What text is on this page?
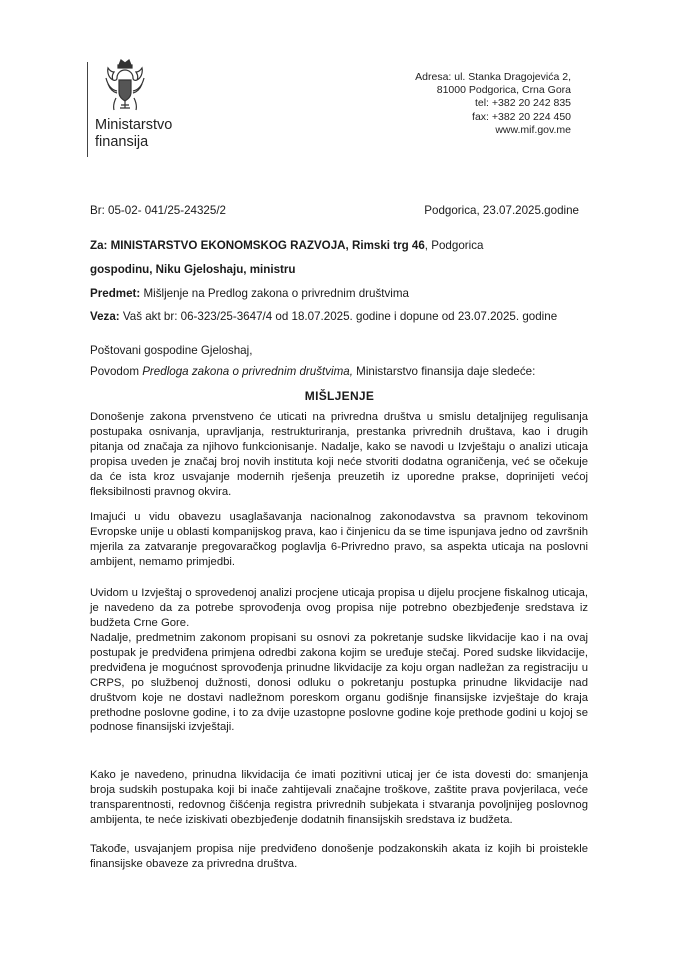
Ministarstvo
finansija
Adresa: ul. Stanka Dragojevića 2,
81000 Podgorica, Crna Gora
tel: +382 20 242 835
fax: +382 20 224 450
www.mif.gov.me
Br: 05-02- 041/25-24325/2	Podgorica, 23.07.2025.godine
Za: MINISTARSTVO EKONOMSKOG RAZVOJA, Rimski trg 46, Podgorica
gospodinu, Niku Gjeloshaju, ministru
Predmet: Mišljenje na Predlog zakona o privrednim društvima
Veza: Vaš akt br: 06-323/25-3647/4 od 18.07.2025. godine i dopune od 23.07.2025. godine
Poštovani gospodine Gjeloshaj,
Povodom Predloga zakona o privrednim društvima, Ministarstvo finansija daje sledeće:
MIŠLJENJE
Donošenje zakona prvenstveno će uticati na privredna društva u smislu detaljnijeg regulisanja postupaka osnivanja, upravljanja, restrukturiranja, prestanka privrednih društava, kao i drugih pitanja od značaja za njihovo funkcionisanje. Nadalje, kako se navodi u Izvještaju o analizi uticaja propisa uveden je značaj broj novih instituta koji neće stvoriti dodatna ograničenja, već se očekuje da će ista kroz usvajanje modernih rješenja preuzetih iz uporedne prakse, doprinijeti većoj fleksibilnosti pravnog okvira.
Imajući u vidu obavezu usaglašavanja nacionalnog zakonodavstva sa pravnom tekovinom Evropske unije u oblasti kompanijskog prava, kao i činjenicu da se time ispunjava jedno od završnih mjerila za zatvaranje pregovaračkog poglavlja 6-Privredno pravo, sa aspekta uticaja na poslovni ambijent, nemamo primjedbi.
Uvidom u Izvještaj o sprovedenoj analizi procjene uticaja propisa u dijelu procjene fiskalnog uticaja, je navedeno da za potrebe sprovođenja ovog propisa nije potrebno obezbjeđenje sredstava iz budžeta Crne Gore.
Nadalje, predmetnim zakonom propisani su osnovi za pokretanje sudske likvidacije kao i na ovaj postupak je predviđena primjena odredbi zakona kojim se uređuje stečaj. Pored sudske likvidacije, predviđena je mogućnost sprovođenja prinudne likvidacije za koju organ nadležan za registraciju u CRPS, po službenoj dužnosti, donosi odluku o pokretanju postupka prinudne likvidacije nad društvom koje ne dostavi nadležnom poreskom organu godišnje finansijske izvještaje do kraja prethodne poslovne godine, i to za dvije uzastopne poslovne godine koje prethode godini u kojoj se podnose finansijski izvještaji.
Kako je navedeno, prinudna likvidacija će imati pozitivni uticaj jer će ista dovesti do: smanjenja broja sudskih postupaka koji bi inače zahtijevali značajne troškove, zaštite prava povjerilaca, veće transparentnosti, redovnog čišćenja registra privrednih subjekata i stvaranja povoljnijeg poslovnog ambijenta, te neće iziskivati obezbjeđenje dodatnih finansijskih sredstava iz budžeta.
Takođe, usvajanjem propisa nije predviđeno donošenje podzakonskih akata iz kojih bi proistekle finansijske obaveze za privredna društva.
